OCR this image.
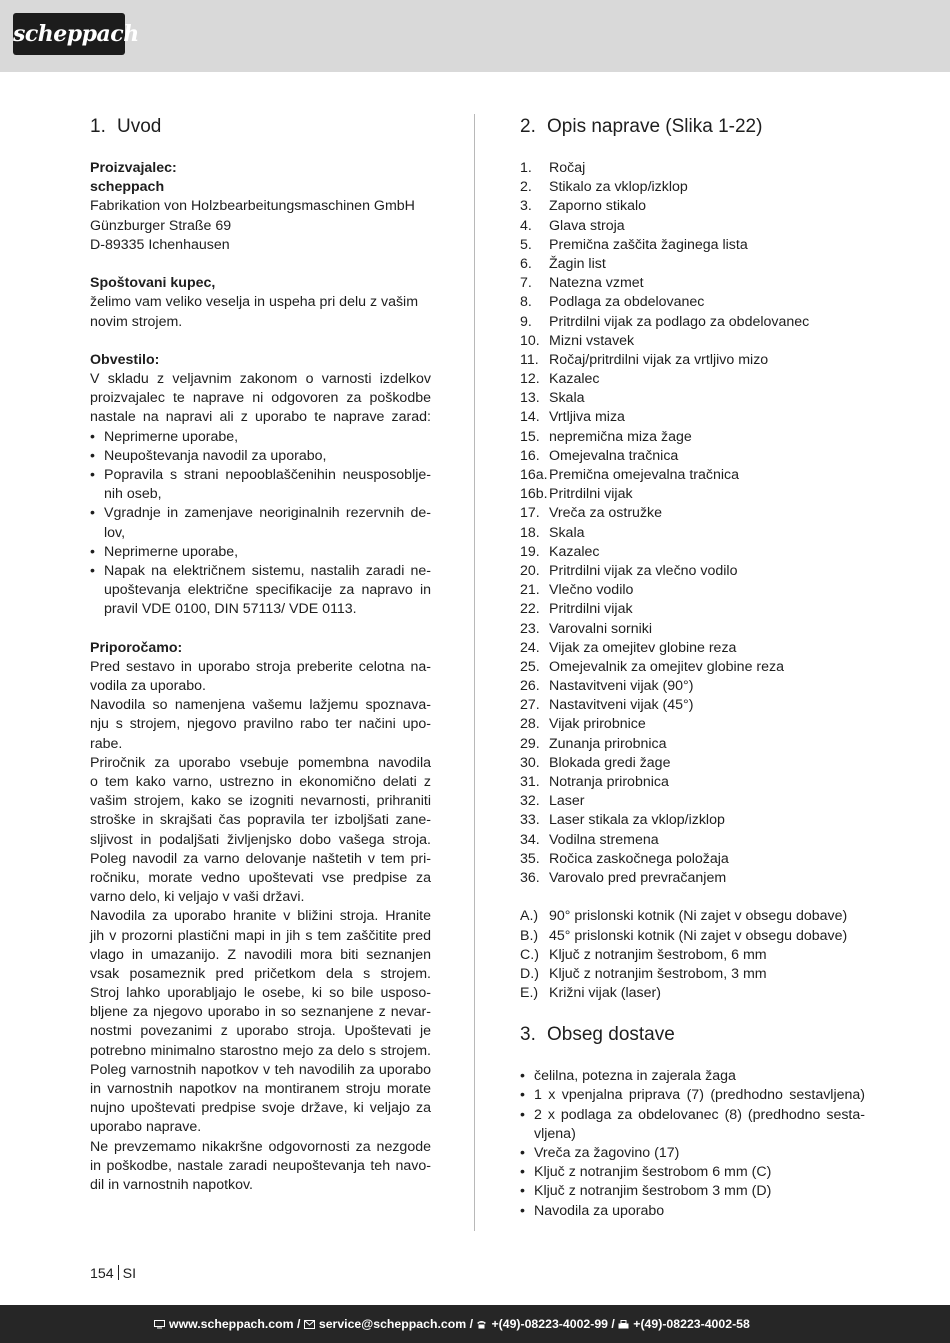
scheppach
1. Uvod
Proizvajalec:
scheppach
Fabrikation von Holzbearbeitungsmaschinen GmbH
Günzburger Straße 69
D-89335 Ichenhausen
Spoštovani kupec,
želimo vam veliko veselja in uspeha pri delu z vašim
novim strojem.
Obvestilo:
V skladu z veljavnim zakonom o varnosti izdelkov
proizvajalec te naprave ni odgovoren za poškodbe
nastale na napravi ali z uporabo te naprave zarad:
• Neprimerne uporabe,
• Neupoštevanja navodil za uporabo,
• Popravila s strani nepooblaščenihin neusposoblje-
nih oseb,
• Vgradnje in zamenjave neoriginalnih rezervnih de-
lov,
• Neprimerne uporabe,
• Napak na električnem sistemu, nastalih zaradi ne-
upoštevanja električne specifikacije za napravo in
pravil VDE 0100, DIN 57113/ VDE 0113.
Priporočamo:
Pred sestavo in uporabo stroja preberite celotna na-
vodila za uporabo.
Navodila so namenjena vašemu lažjemu spoznava-
nju s strojem, njegovo pravilno rabo ter načini upo-
rabe.
Priročnik za uporabo vsebuje pomembna navodila
o tem kako varno, ustrezno in ekonomično delati z
vašim strojem, kako se izogniti nevarnosti, prihraniti
stroške in skrajšati čas popravila ter izboljšati zane-
sljivost in podaljšati življenjsko dobo vašega stroja.
Poleg navodil za varno delovanje naštetih v tem pri-
ročniku, morate vedno upoštevati vse predpise za
varno delo, ki veljajo v vaši državi.
Navodila za uporabo hranite v bližini stroja. Hranite
jih v prozorni plastični mapi in jih s tem zaščitite pred
vlago in umazanijo. Z navodili mora biti seznanjen
vsak posameznik pred pričetkom dela s strojem.
Stroj lahko uporabljajo le osebe, ki so bile usposo-
bljene za njegovo uporabo in so seznanjene z nevar-
nostmi povezanimi z uporabo stroja. Upoštevati je
potrebno minimalno starostno mejo za delo s strojem.
Poleg varnostnih napotkov v teh navodilih za uporabo
in varnostnih napotkov na montiranem stroju morate
nujno upoštevati predpise svoje države, ki veljajo za
uporabo naprave.
Ne prevzemamo nikakršne odgovornosti za nezgode
in poškodbe, nastale zaradi neupoštevanja teh navo-
dil in varnostnih napotkov.
2. Opis naprave (Slika 1-22)
1. Ročaj
2. Stikalo za vklop/izklop
3. Zaporno stikalo
4. Glava stroja
5. Premična zaščita žaginega lista
6. Žagin list
7. Natezna vzmet
8. Podlaga za obdelovanec
9. Pritrdilni vijak za podlago za obdelovanec
10. Mizni vstavek
11. Ročaj/pritrdilni vijak za vrtljivo mizo
12. Kazalec
13. Skala
14. Vrtljiva miza
15. nepremična miza žage
16. Omejevalna tračnica
16a. Premična omejevalna tračnica
16b. Pritrdilni vijak
17. Vreča za ostružke
18. Skala
19. Kazalec
20. Pritrdilni vijak za vlečno vodilo
21. Vlečno vodilo
22. Pritrdilni vijak
23. Varovalni sorniki
24. Vijak za omejitev globine reza
25. Omejevalnik za omejitev globine reza
26. Nastavitveni vijak (90°)
27. Nastavitveni vijak (45°)
28. Vijak prirobnice
29. Zunanja prirobnica
30. Blokada gredi žage
31. Notranja prirobnica
32. Laser
33. Laser stikala za vklop/izklop
34. Vodilna stremena
35. Ročica zaskočnega položaja
36. Varovalo pred prevračanjem
A.) 90° prislonski kotnik (Ni zajet v obsegu dobave)
B.) 45° prislonski kotnik (Ni zajet v obsegu dobave)
C.) Ključ z notranjim šestrobom, 6 mm
D.) Ključ z notranjim šestrobom, 3 mm
E.) Križni vijak (laser)
3. Obseg dostave
• čelilna, potezna in zajerala žaga
• 1 x vpenjalna priprava (7) (predhodno sestavljena)
• 2 x podlaga za obdelovanec (8) (predhodno sesta-
vljena)
• Vreča za žagovino (17)
• Ključ z notranjim šestrobom 6 mm (C)
• Ključ z notranjim šestrobom 3 mm (D)
• Navodila za uporabo
154 SI
www.scheppach.com / service@scheppach.com / +(49)-08223-4002-99 / +(49)-08223-4002-58
